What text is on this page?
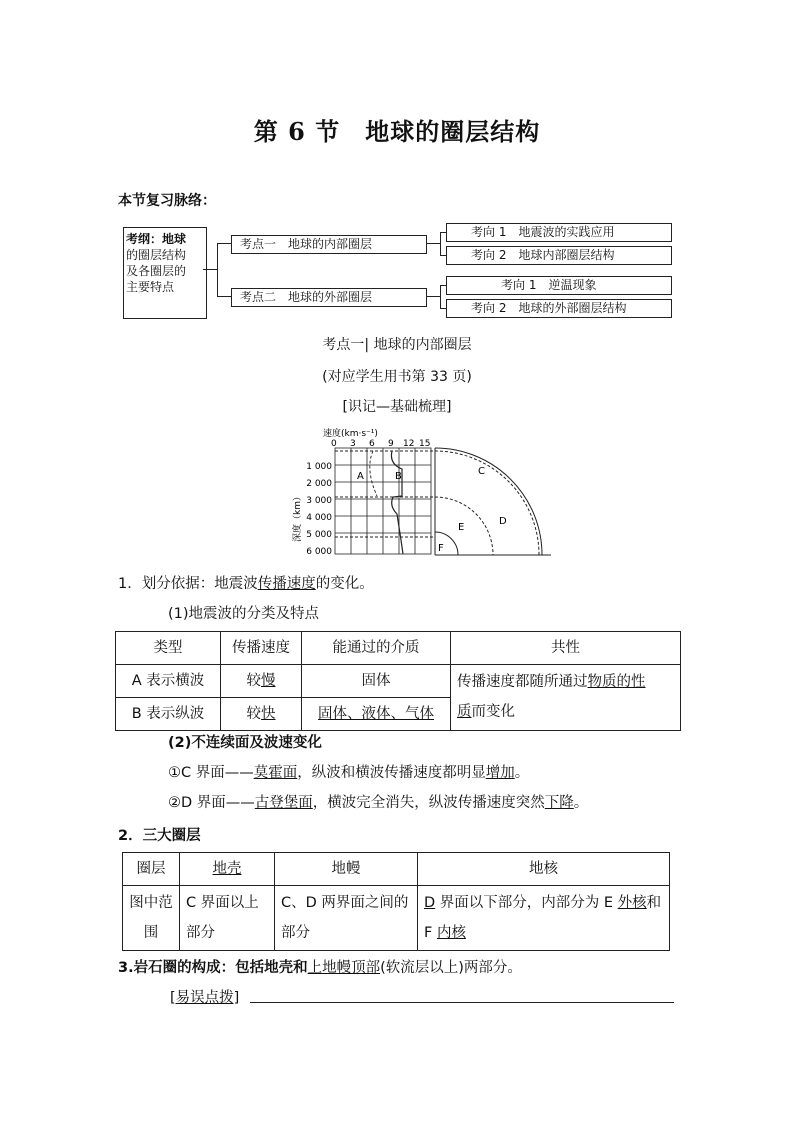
第 6 节　地球的圈层结构
本节复习脉络：
考纲：地球
的圈层结构
及各圈层的
主要特点
考点一　地球的内部圈层
考点二　地球的外部圈层
考向 1　地震波的实践应用
考向 2　地球内部圈层结构
考向 1　逆温现象
考向 2　地球的外部圈层结构
考点一| 地球的内部圈层
(对应学生用书第 33 页)
[识记—基础梳理]
速度(km·s⁻¹)
0 3 6 9 12 15
1 000
2 000
3 000
4 000
5 000
6 000
深度（km）
A	B	C
D
E
F
1．划分依据：地震波传播速度的变化。
(1)地震波的分类及特点
类型	传播速度	能通过的介质	共性
A 表示横波	较慢	固体	传播速度都随所通过物质的性
质而变化
B 表示纵波	较快	固体、液体、气体	
(2)不连续面及波速变化
①C 界面——莫霍面，纵波和横波传播速度都明显增加。
②D 界面——古登堡面，横波完全消失，纵波传播速度突然下降。
2．三大圈层
圈层	地壳	地幔	地核
图中范围	C 界面以上部分	C、D 两界面之间的部分	D 界面以下部分，内部分为 E 外核和 F 内核
3.岩石圈的构成：包括地壳和上地幔顶部(软流层以上)两部分。
[易误点拨]
